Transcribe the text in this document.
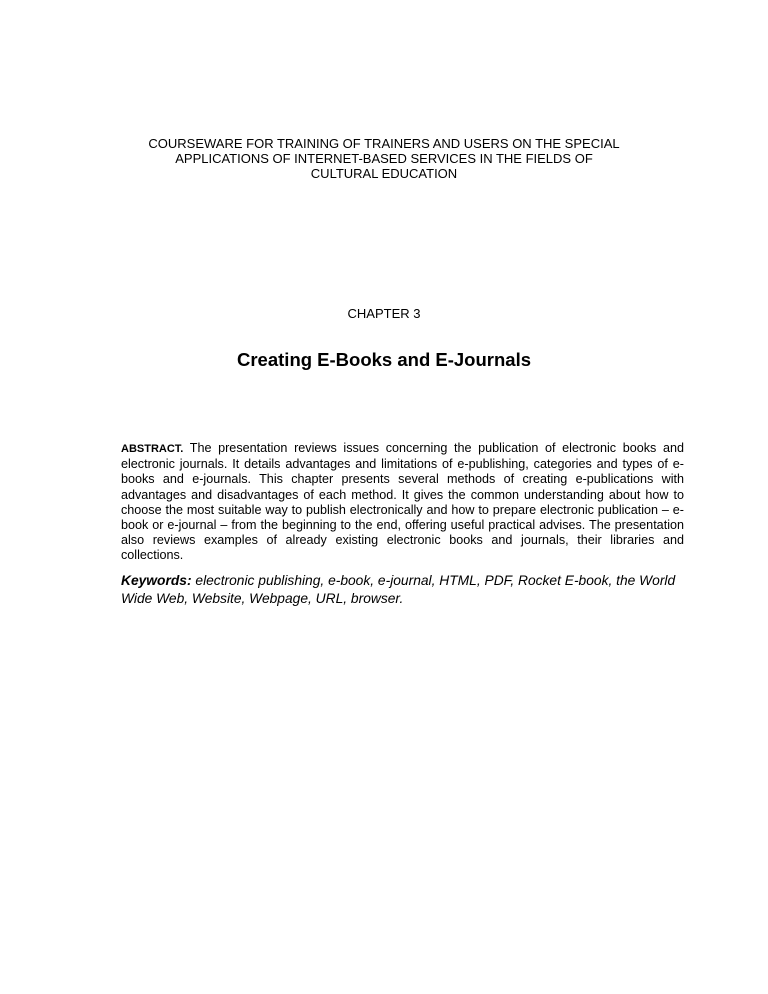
COURSEWARE FOR TRAINING OF TRAINERS AND USERS ON THE SPECIAL
APPLICATIONS OF INTERNET-BASED SERVICES IN THE FIELDS OF
CULTURAL EDUCATION
CHAPTER 3
Creating E-Books and E-Journals

ABSTRACT. The presentation reviews issues concerning the publication of electronic books and electronic journals. It details advantages and limitations of e-publishing, categories and types of e-books and e-journals. This chapter presents several methods of creating e-publications with advantages and disadvantages of each method. It gives the common understanding about how to choose the most suitable way to publish electronically and how to prepare electronic publication – e-book or e-journal – from the beginning to the end, offering useful practical advises. The presentation also reviews examples of already existing electronic books and journals, their libraries and collections.

Keywords: electronic publishing, e-book, e-journal, HTML, PDF, Rocket E-book, the World Wide Web, Website, Webpage, URL, browser.
